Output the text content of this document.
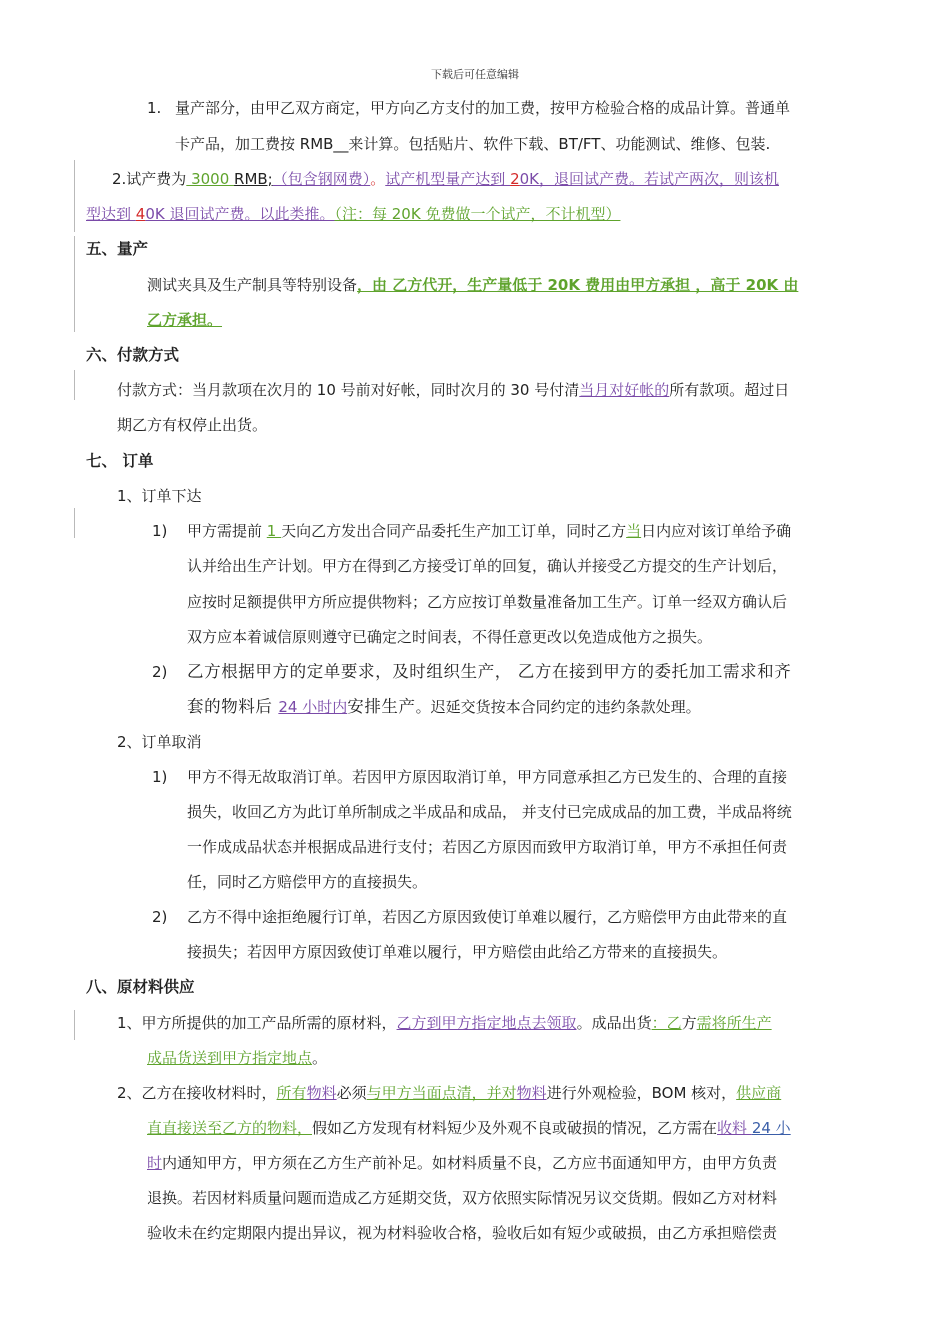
下载后可任意编辑
1. 量产部分，由甲乙双方商定，甲方向乙方支付的加工费，按甲方检验合格的成品计算。普通单
卡产品，加工费按 RMB__来计算。包括贴片、软件下载、BT/FT、功能测试、维修、包装.
2.试产费为 3000 RMB;（包含钢网费）。试产机型量产达到 20K，退回试产费。若试产两次，则该机
型达到 40K 退回试产费。以此类推。（注：每 20K 免费做一个试产，不计机型）
五、量产
测试夹具及生产制具等特别设备，由 乙方代开，生产量低于 20K 费用由甲方承担 ，高于 20K 由
乙方承担。
六、付款方式
付款方式：当月款项在次月的 10 号前对好帐，同时次月的 30 号付清当月对好帐的所有款项。超过日
期乙方有权停止出货。
七、 订单
1、订单下达
1) 甲方需提前 1 天向乙方发出合同产品委托生产加工订单，同时乙方当日内应对该订单给予确
认并给出生产计划。甲方在得到乙方接受订单的回复，确认并接受乙方提交的生产计划后，
应按时足额提供甲方所应提供物料；乙方应按订单数量准备加工生产。订单一经双方确认后
双方应本着诚信原则遵守已确定之时间表，不得任意更改以免造成他方之损失。
2) 乙方根据甲方的定单要求，及时组织生产， 乙方在接到甲方的委托加工需求和齐
套的物料后 24 小时内安排生产。迟延交货按本合同约定的违约条款处理。
2、订单取消
1) 甲方不得无故取消订单。若因甲方原因取消订单，甲方同意承担乙方已发生的、合理的直接
损失，收回乙方为此订单所制成之半成品和成品， 并支付已完成成品的加工费，半成品将统
一作成成品状态并根据成品进行支付；若因乙方原因而致甲方取消订单，甲方不承担任何责
任，同时乙方赔偿甲方的直接损失。
2) 乙方不得中途拒绝履行订单，若因乙方原因致使订单难以履行，乙方赔偿甲方由此带来的直
接损失；若因甲方原因致使订单难以履行，甲方赔偿由此给乙方带来的直接损失。
八、原材料供应
1、甲方所提供的加工产品所需的原材料，乙方到甲方指定地点去领取。成品出货：乙方需将所生产
成品货送到甲方指定地点。
2、乙方在接收材料时，所有物料必须与甲方当面点清，并对物料进行外观检验，BOM 核对，供应商
直直接送至乙方的物料，假如乙方发现有材料短少及外观不良或破损的情况，乙方需在收料 24 小
时内通知甲方，甲方须在乙方生产前补足。如材料质量不良，乙方应书面通知甲方，由甲方负责
退换。若因材料质量问题而造成乙方延期交货，双方依照实际情况另议交货期。假如乙方对材料
验收未在约定期限内提出异议，视为材料验收合格，验收后如有短少或破损，由乙方承担赔偿责
